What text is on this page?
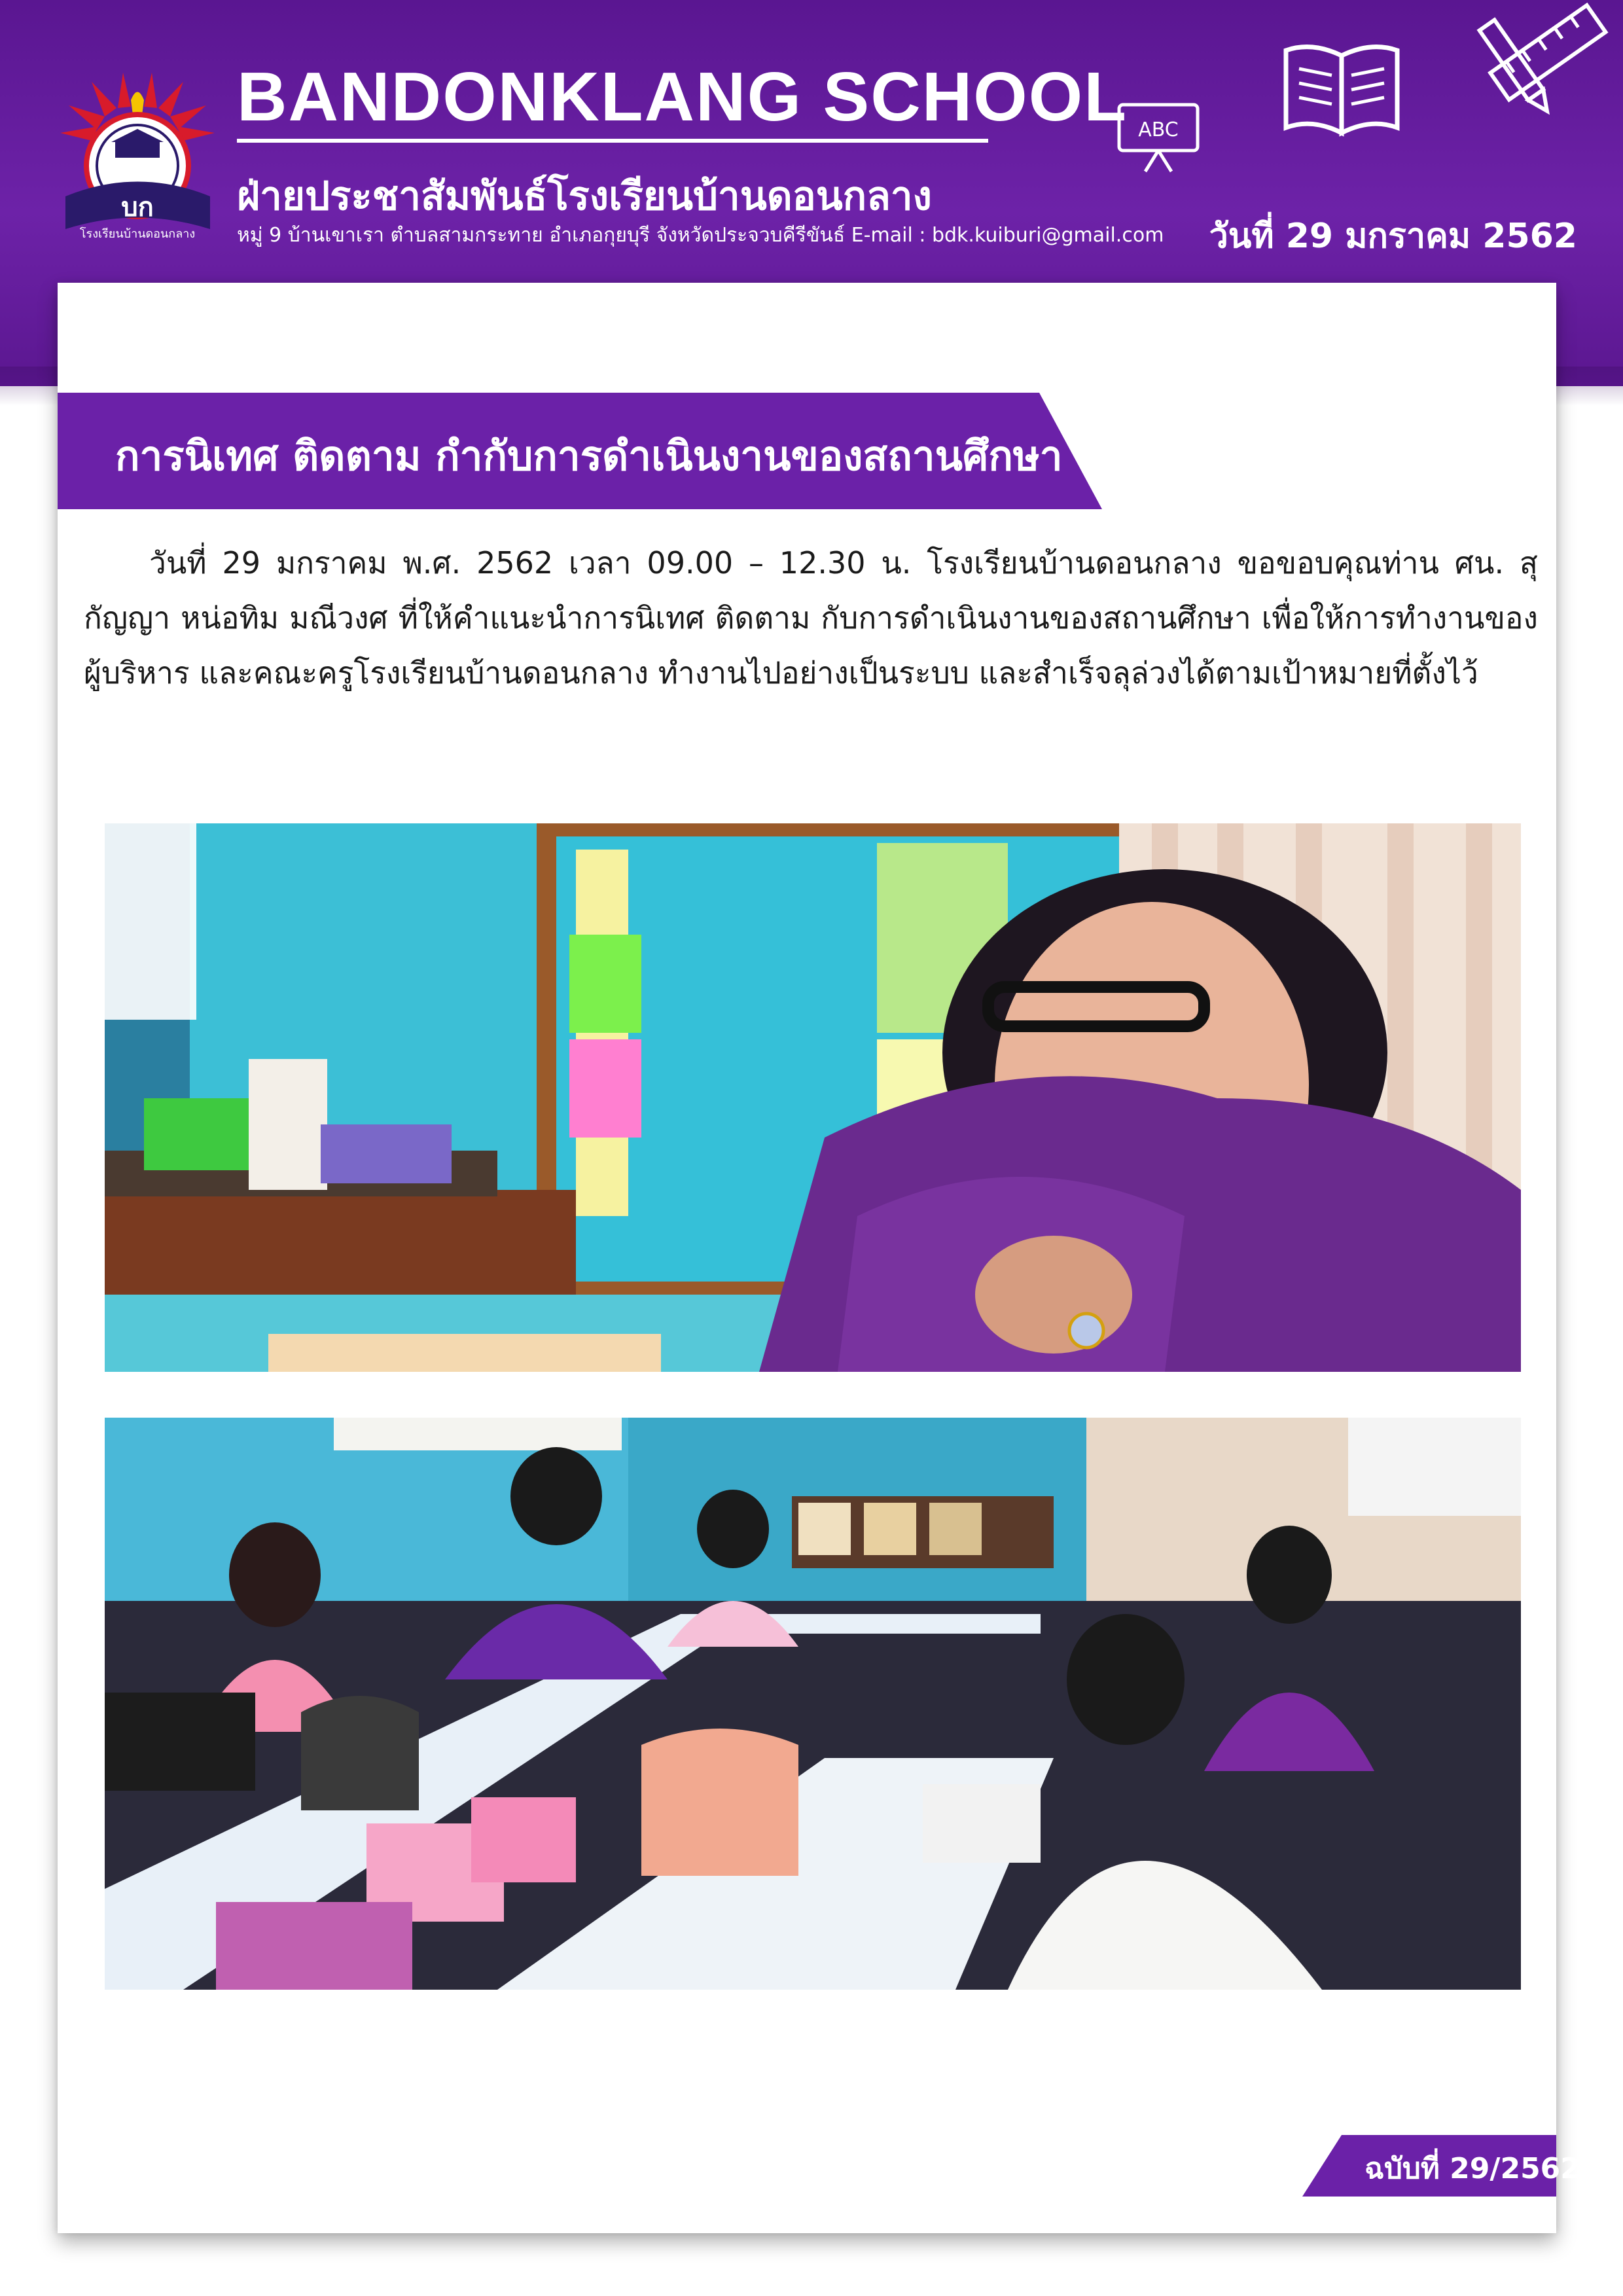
บก
โรงเรียนบ้านดอนกลาง
BANDONKLANG SCHOOL
ฝ่ายประชาสัมพันธ์โรงเรียนบ้านดอนกลาง
หมู่ 9 บ้านเขาเรา ตำบลสามกระทาย อำเภอกุยบุรี จังหวัดประจวบคีรีขันธ์ E-mail : bdk.kuiburi@gmail.com วันที่ 29 มกราคม 2562
ABC
การนิเทศ ติดตาม กำกับการดำเนินงานของสถานศึกษา ปีการศึกษา 2561
วันที่ 29 มกราคม พ.ศ. 2562 เวลา 09.00 – 12.30 น. โรงเรียนบ้านดอนกลาง ขอขอบคุณท่าน ศน. สุกัญญา หน่อทิม มณีวงศ ที่ให้คำแนะนำการนิเทศ ติดตาม กับการดำเนินงานของสถานศึกษา เพื่อให้การทำงานของผู้บริหาร และคณะครูโรงเรียนบ้านดอนกลาง ทำงานไปอย่างเป็นระบบ และสำเร็จลุล่วงได้ตามเป้าหมายที่ตั้งไว้
ฉบับที่ 29/2562
